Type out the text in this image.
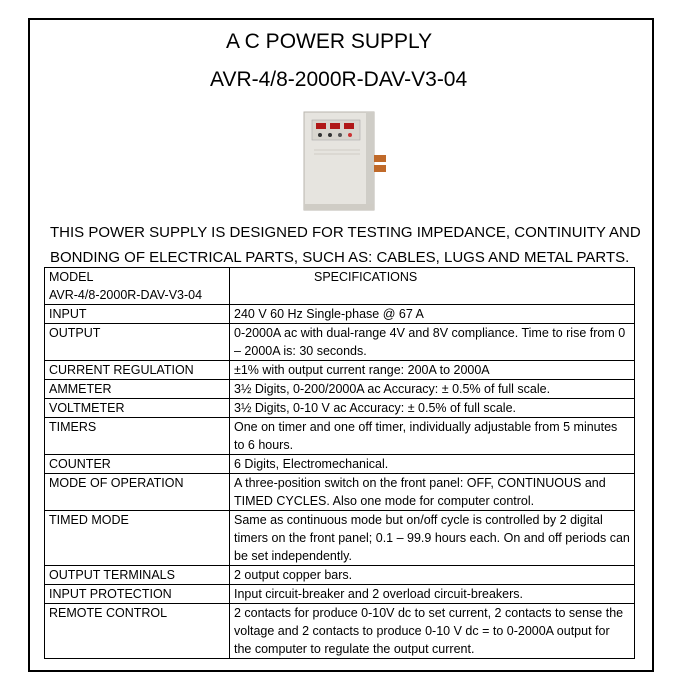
A C POWER SUPPLY
AVR-4/8-2000R-DAV-V3-04
THIS POWER SUPPLY IS DESIGNED FOR TESTING IMPEDANCE, CONTINUITY AND
BONDING OF ELECTRICAL PARTS, SUCH AS: CABLES, LUGS AND METAL PARTS.
MODEL
AVR-4/8-2000R-DAV-V3-04	SPECIFICATIONS

INPUT	240 V 60 Hz Single-phase @ 67 A
OUTPUT	0-2000A ac with dual-range 4V and 8V compliance. Time to rise from 0 – 2000A is: 30 seconds.
CURRENT REGULATION	±1% with output current range: 200A to 2000A
AMMETER	3½ Digits, 0-200/2000A ac Accuracy: ± 0.5% of full scale.
VOLTMETER	3½ Digits, 0-10 V ac Accuracy: ± 0.5% of full scale.
TIMERS	One on timer and one off timer, individually adjustable from 5 minutes to 6 hours.
COUNTER	6 Digits, Electromechanical.
MODE OF OPERATION	A three-position switch on the front panel: OFF, CONTINUOUS and TIMED CYCLES. Also one mode for computer control.
TIMED MODE	Same as continuous mode but on/off cycle is controlled by 2 digital timers on the front panel; 0.1 – 99.9 hours each. On and off periods can be set independently.
OUTPUT TERMINALS	2 output copper bars.
INPUT PROTECTION	Input circuit-breaker and 2 overload circuit-breakers.
REMOTE CONTROL	2 contacts for produce 0-10V dc to set current, 2 contacts to sense the voltage and 2 contacts to produce 0-10 V dc = to 0-2000A output for the computer to regulate the output current.
